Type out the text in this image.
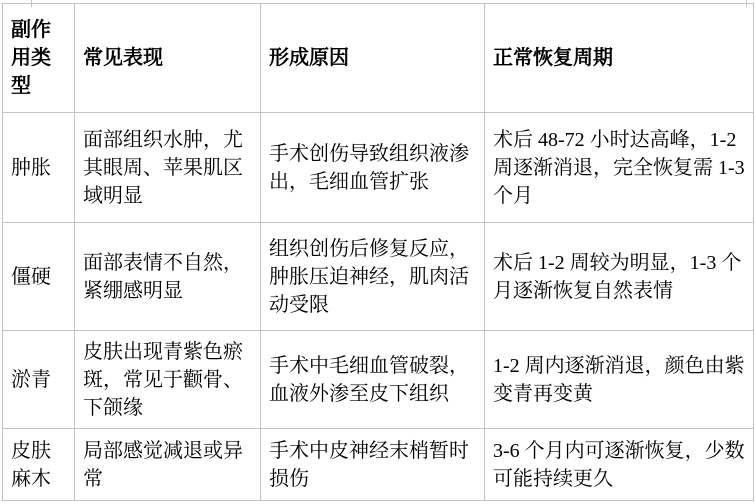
副作用类型	常见表现	形成原因	正常恢复周期
肿胀	面部组织水肿，尤其眼周、苹果肌区域明显	手术创伤导致组织液渗出，毛细血管扩张	术后 48-72 小时达高峰，1-2 周逐渐消退，完全恢复需 1-3 个月
僵硬	面部表情不自然，紧绷感明显	组织创伤后修复反应，肿胀压迫神经，肌肉活动受限	术后 1-2 周较为明显，1-3 个月逐渐恢复自然表情
淤青	皮肤出现青紫色瘀斑，常见于颧骨、下颌缘	手术中毛细血管破裂，血液外渗至皮下组织	1-2 周内逐渐消退，颜色由紫变青再变黄
皮肤麻木	局部感觉减退或异常	手术中皮神经末梢暂时损伤	3-6 个月内可逐渐恢复，少数可能持续更久
